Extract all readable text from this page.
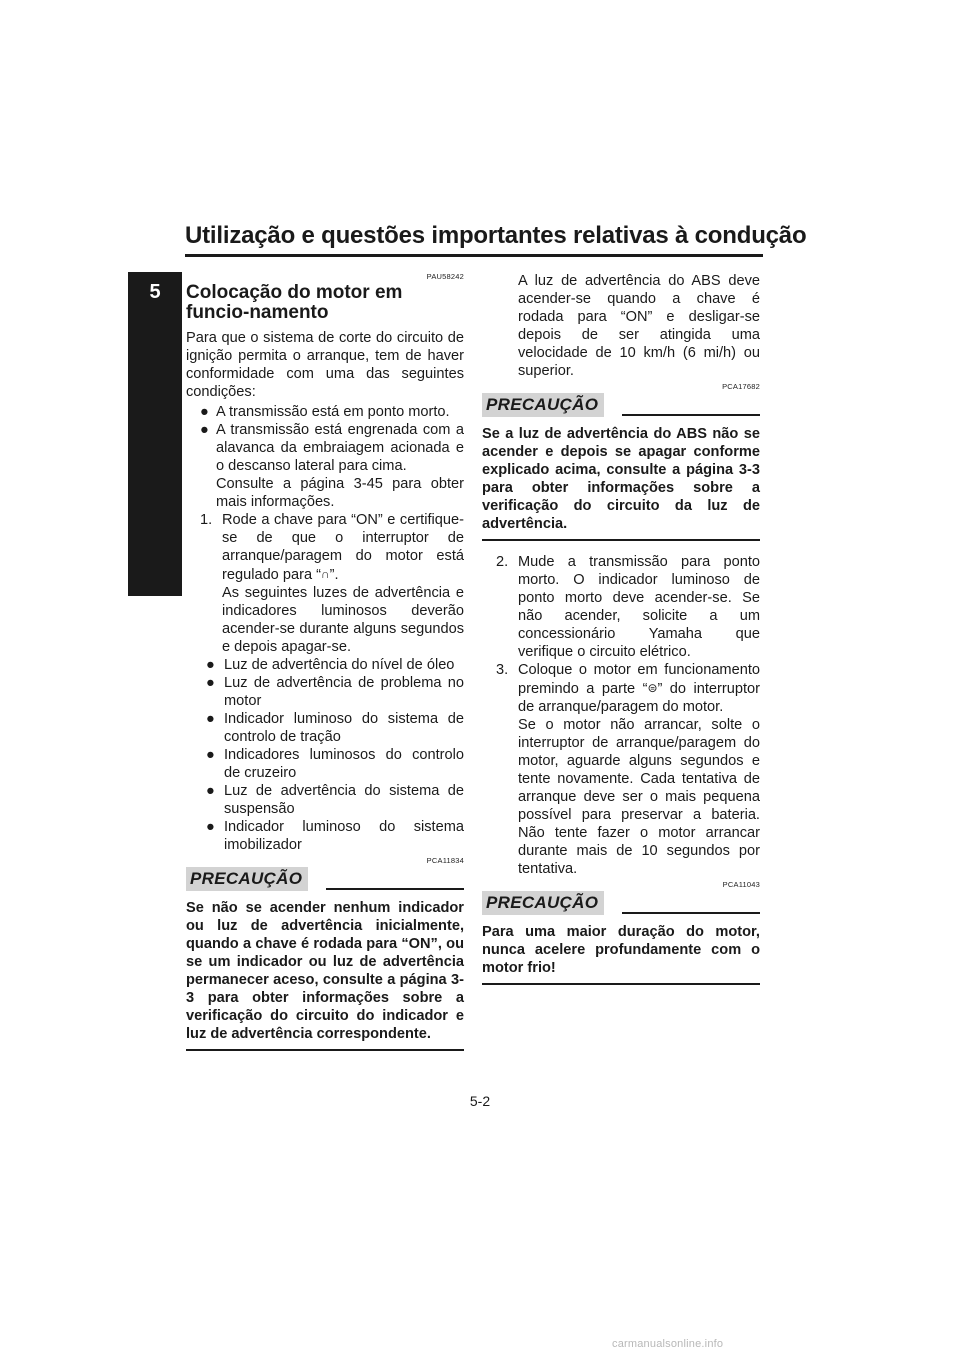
Utilização e questões importantes relativas à condução
5
PAU58242
Colocação do motor em funcio-namento

Para que o sistema de corte do circuito de ignição permita o arranque, tem de haver conformidade com uma das seguintes condições:

● A transmissão está em ponto morto.
● A transmissão está engrenada com a alavanca da embraiagem acionada e o descanso lateral para cima.
Consulte a página 3-45 para obter mais informações.
1. Rode a chave para “ON” e certifique-se de que o interruptor de arranque/paragem do motor está regulado para “∩”.
As seguintes luzes de advertência e indicadores luminosos deverão acender-se durante alguns segundos e depois apagar-se.
● Luz de advertência do nível de óleo
● Luz de advertência de problema no motor
● Indicador luminoso do sistema de controlo de tração
● Indicadores luminosos do controlo de cruzeiro
● Luz de advertência do sistema de suspensão
● Indicador luminoso do sistema imobilizador
PCA11834
PRECAUÇÃO
Se não se acender nenhum indicador ou luz de advertência inicialmente, quando a chave é rodada para “ON”, ou se um indicador ou luz de advertência permanecer aceso, consulte a página 3-3 para obter informações sobre a verificação do circuito do indicador e luz de advertência correspondente.
A luz de advertência do ABS deve acender-se quando a chave é rodada para “ON” e desligar-se depois de ser atingida uma velocidade de 10 km/h (6 mi/h) ou superior.
PCA17682
PRECAUÇÃO
Se a luz de advertência do ABS não se acender e depois se apagar conforme explicado acima, consulte a página 3-3 para obter informações sobre a verificação do circuito da luz de advertência.
2. Mude a transmissão para ponto morto. O indicador luminoso de ponto morto deve acender-se. Se não acender, solicite a um concessionário Yamaha que verifique o circuito elétrico.
3. Coloque o motor em funcionamento premindo a parte “⊜” do interruptor de arranque/paragem do motor.
Se o motor não arrancar, solte o interruptor de arranque/paragem do motor, aguarde alguns segundos e tente novamente. Cada tentativa de arranque deve ser o mais pequena possível para preservar a bateria. Não tente fazer o motor arrancar durante mais de 10 segundos por tentativa.
PCA11043
PRECAUÇÃO
Para uma maior duração do motor, nunca acelere profundamente com o motor frio!
5-2
carmanualsonline.info
